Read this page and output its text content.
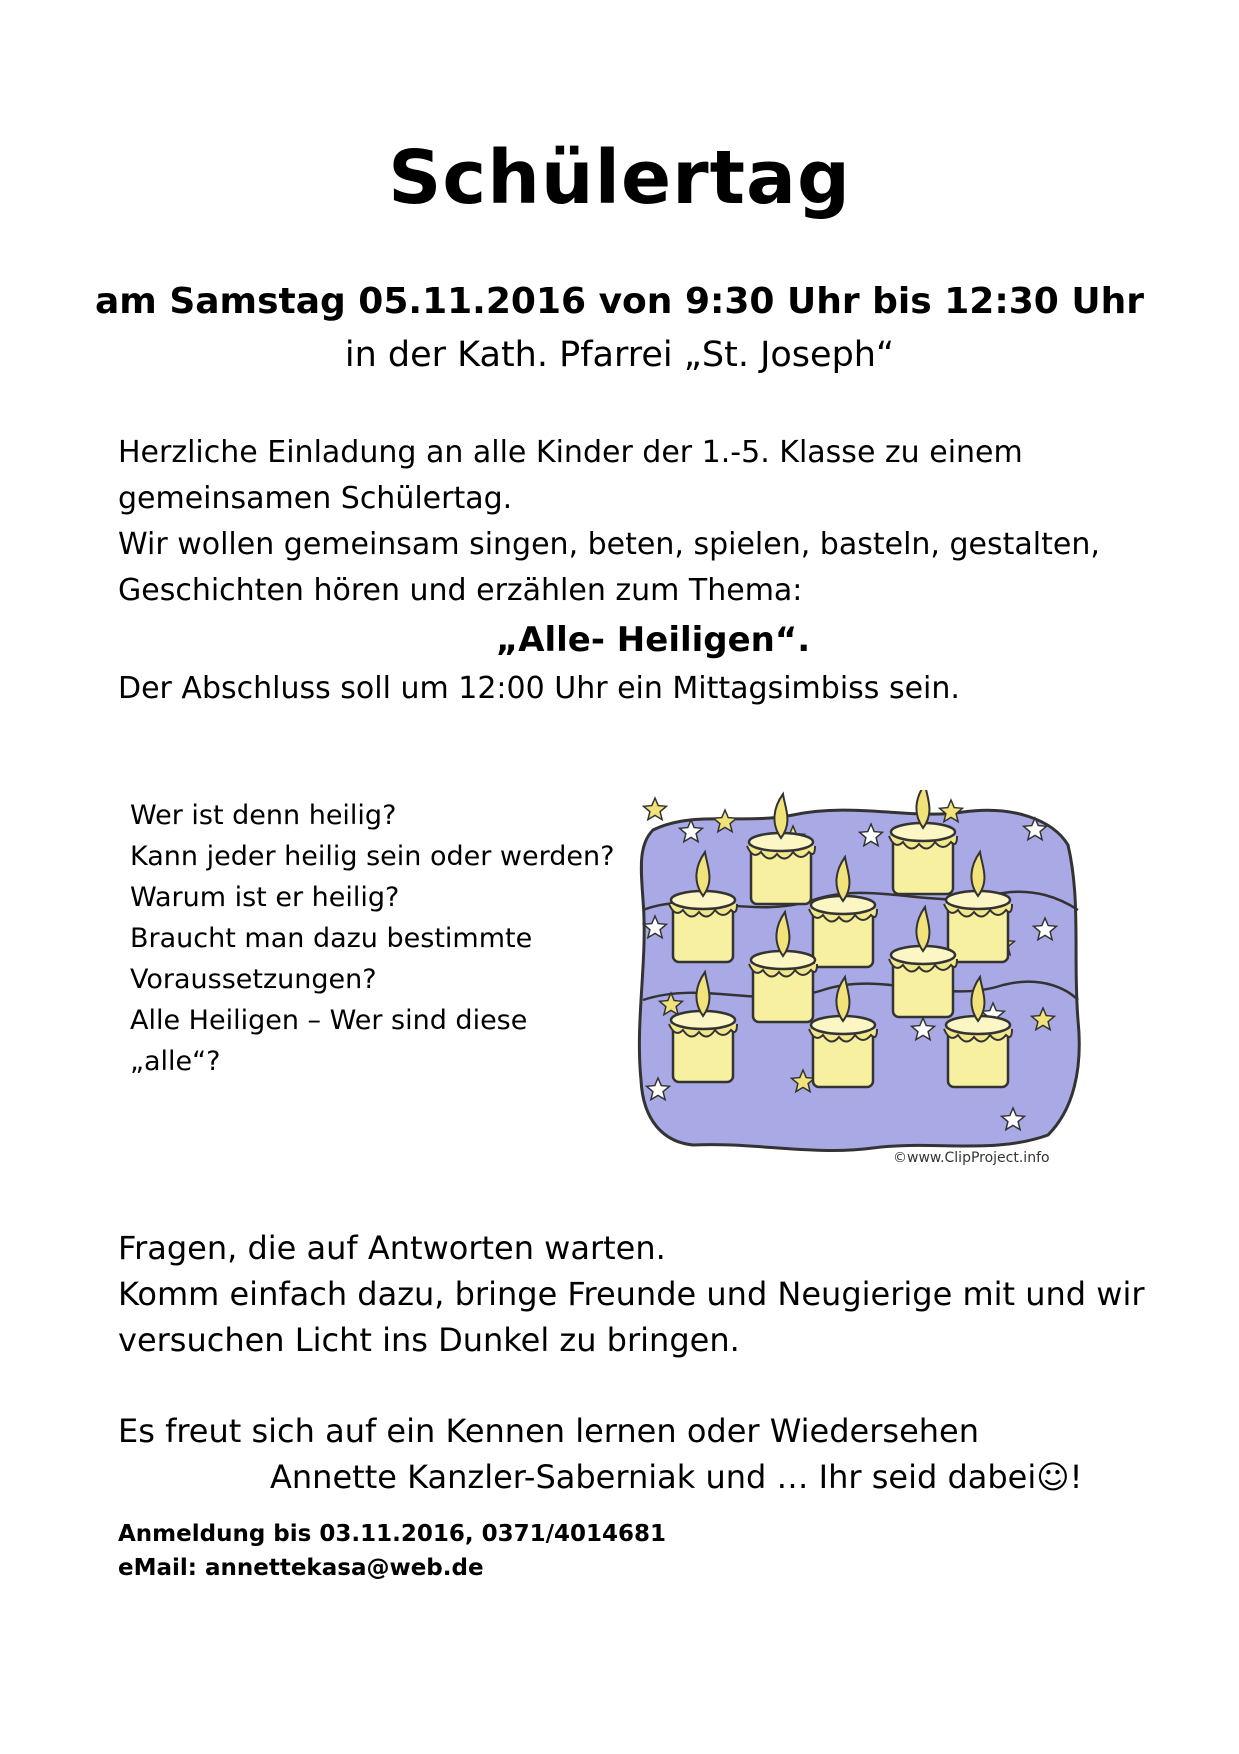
Schülertag
am Samstag 05.11.2016 von 9:30 Uhr bis 12:30 Uhr
in der Kath. Pfarrei „St. Joseph“

Herzliche Einladung an alle Kinder der 1.-5. Klasse zu einem

gemeinsamen Schülertag.

Wir wollen gemeinsam singen, beten, spielen, basteln, gestalten,

Geschichten hören und erzählen zum Thema:

„Alle- Heiligen“.

Der Abschluss soll um 12:00 Uhr ein Mittagsimbiss sein.

Wer ist denn heilig?

Kann jeder heilig sein oder werden?

Warum ist er heilig?

Braucht man dazu bestimmte

Voraussetzungen?

Alle Heiligen – Wer sind diese

„alle“?

©www.ClipProject.info

Fragen, die auf Antworten warten.

Komm einfach dazu, bringe Freunde und Neugierige mit und wir

versuchen Licht ins Dunkel zu bringen.

Es freut sich auf ein Kennen lernen oder Wiedersehen

Annette Kanzler-Saberniak und … Ihr seid dabei☺!

Anmeldung bis 03.11.2016, 0371/4014681

eMail: annettekasa@web.de
